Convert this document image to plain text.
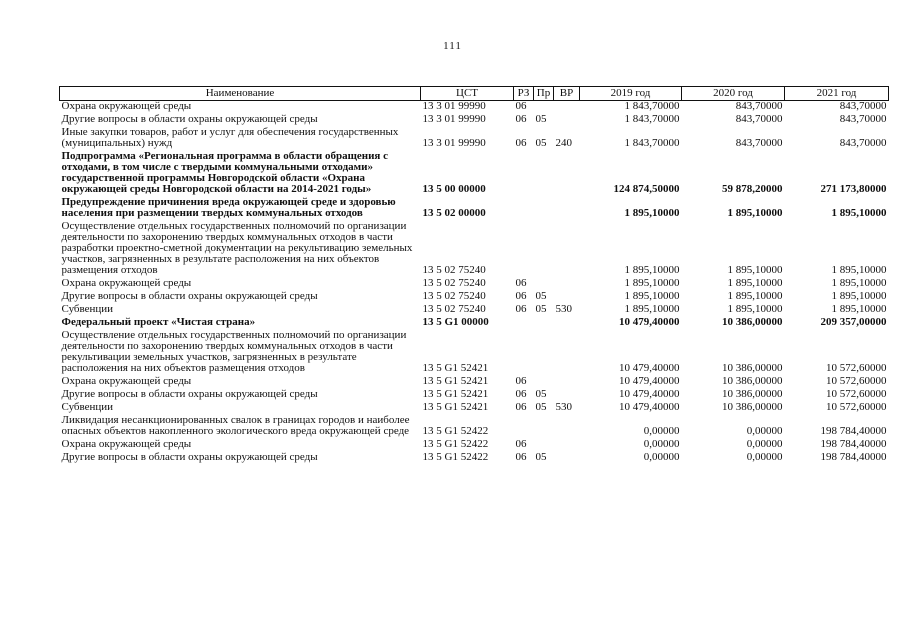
111
Наименование	ЦСТ	РЗ	Пр	ВР	2019 год	2020 год	2021 год
Охрана окружающей среды	13 3 01 99990	06			1 843,70000	843,70000	843,70000
Другие вопросы в области охраны окружающей среды	13 3 01 99990	06	05		1 843,70000	843,70000	843,70000
Иные закупки товаров, работ и услуг для обеспечения государственных (муниципальных) нужд	13 3 01 99990	06	05	240	1 843,70000	843,70000	843,70000
Подпрограмма «Региональная программа в области обращения с отходами, в том числе с твердыми коммунальными отходами» государственной программы Новгородской области «Охрана окружающей среды Новгородской области на 2014-2021 годы»	13 5 00 00000				124 874,50000	59 878,20000	271 173,80000
Предупреждение причинения вреда окружающей среде и здоровью населения при размещении твердых коммунальных отходов	13 5 02 00000				1 895,10000	1 895,10000	1 895,10000
Осуществление отдельных государственных полномочий по организации деятельности по захоронению твердых коммунальных отходов в части разработки проектно-сметной документации на рекультивацию земельных участков, загрязненных в результате расположения на них объектов размещения отходов	13 5 02 75240				1 895,10000	1 895,10000	1 895,10000
Охрана окружающей среды	13 5 02 75240	06			1 895,10000	1 895,10000	1 895,10000
Другие вопросы в области охраны окружающей среды	13 5 02 75240	06	05		1 895,10000	1 895,10000	1 895,10000
Субвенции	13 5 02 75240	06	05	530	1 895,10000	1 895,10000	1 895,10000
Федеральный проект «Чистая страна»	13 5 G1 00000				10 479,40000	10 386,00000	209 357,00000
Осуществление отдельных государственных полномочий по организации деятельности по захоронению твердых коммунальных отходов в части рекультивации земельных участков, загрязненных в результате расположения на них объектов размещения отходов	13 5 G1 52421				10 479,40000	10 386,00000	10 572,60000
Охрана окружающей среды	13 5 G1 52421	06			10 479,40000	10 386,00000	10 572,60000
Другие вопросы в области охраны окружающей среды	13 5 G1 52421	06	05		10 479,40000	10 386,00000	10 572,60000
Субвенции	13 5 G1 52421	06	05	530	10 479,40000	10 386,00000	10 572,60000
Ликвидация несанкционированных свалок в границах городов и наиболее опасных объектов накопленного экологического вреда окружающей среде	13 5 G1 52422				0,00000	0,00000	198 784,40000
Охрана окружающей среды	13 5 G1 52422	06			0,00000	0,00000	198 784,40000
Другие вопросы в области охраны окружающей среды	13 5 G1 52422	06	05		0,00000	0,00000	198 784,40000
